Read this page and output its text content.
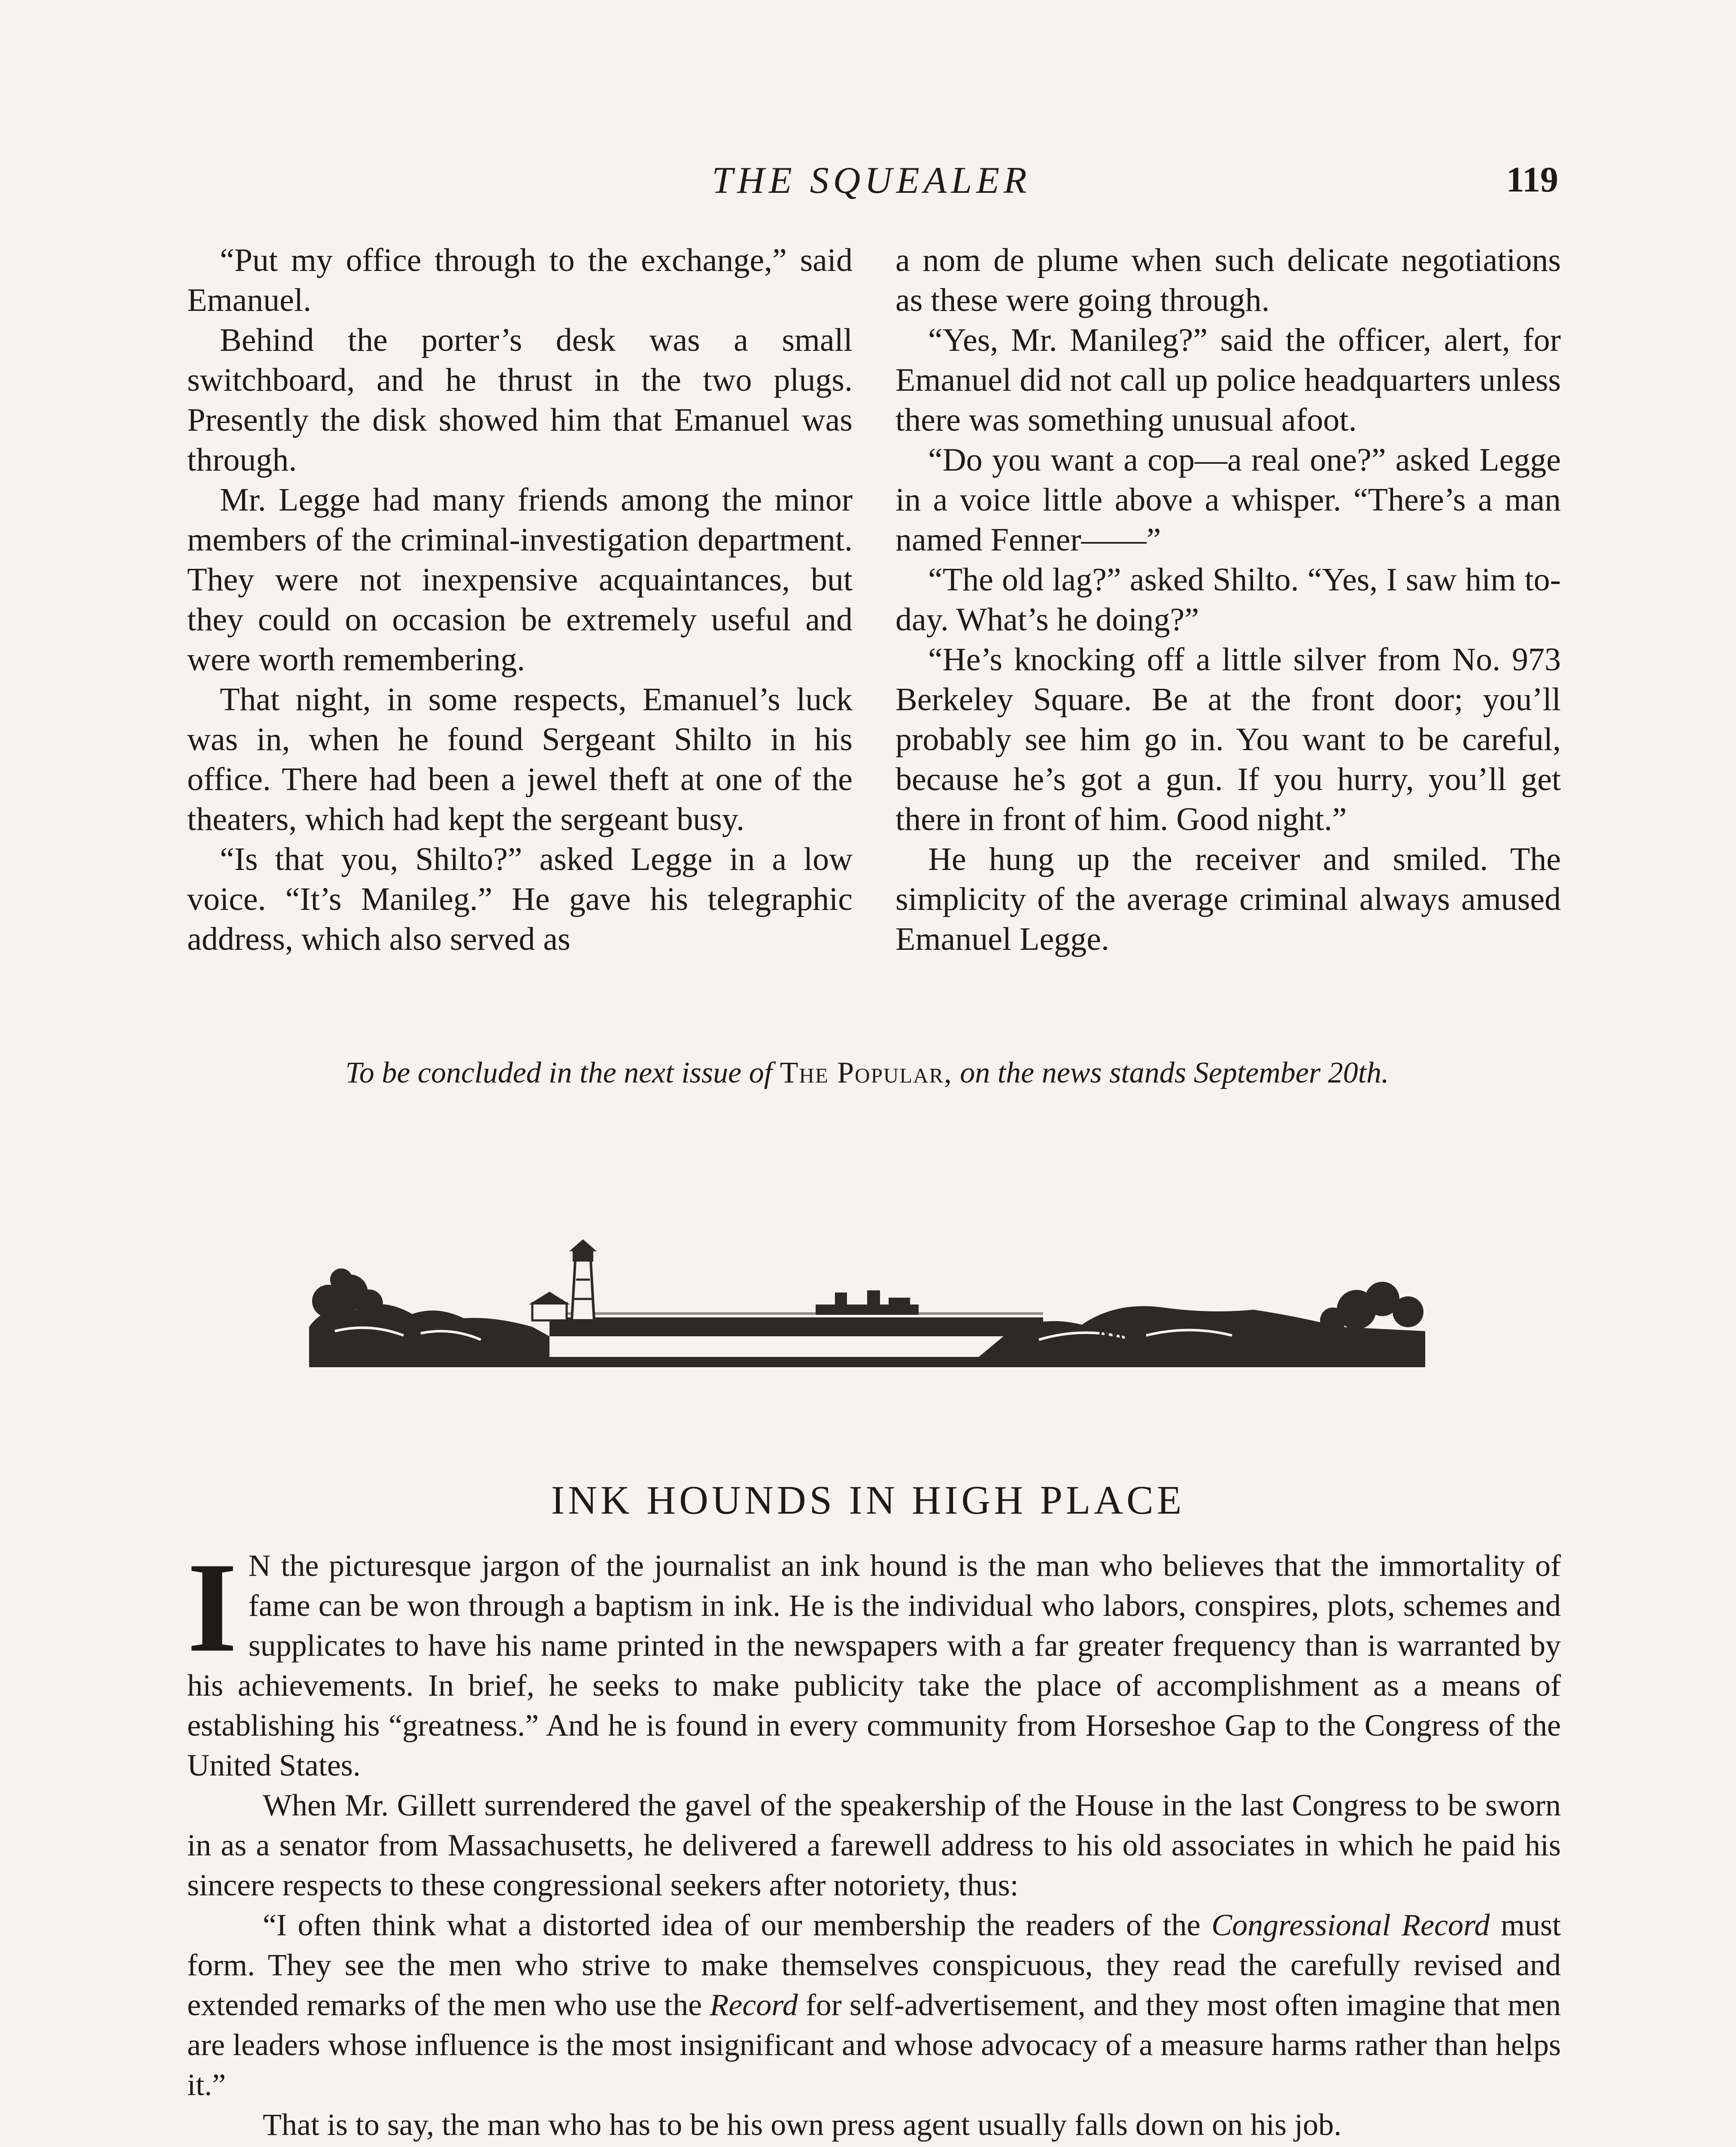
THE SQUEALER	119

“Put my office through to the exchange,” said Emanuel.

Behind the porter’s desk was a small switchboard, and he thrust in the two plugs. Presently the disk showed him that Emanuel was through.

Mr. Legge had many friends among the minor members of the criminal-investigation department. They were not inexpensive acquaintances, but they could on occasion be extremely useful and were worth remembering.

That night, in some respects, Emanuel’s luck was in, when he found Sergeant Shilto in his office. There had been a jewel theft at one of the theaters, which had kept the sergeant busy.

“Is that you, Shilto?” asked Legge in a low voice. “It’s Manileg.” He gave his telegraphic address, which also served as

a nom de plume when such delicate negotiations as these were going through.

“Yes, Mr. Manileg?” said the officer, alert, for Emanuel did not call up police headquarters unless there was something unusual afoot.

“Do you want a cop—a real one?” asked Legge in a voice little above a whisper. “There’s a man named Fenner——”

“The old lag?” asked Shilto. “Yes, I saw him to-day. What’s he doing?”

“He’s knocking off a little silver from No. 973 Berkeley Square. Be at the front door; you’ll probably see him go in. You want to be careful, because he’s got a gun. If you hurry, you’ll get there in front of him. Good night.”

He hung up the receiver and smiled. The simplicity of the average criminal always amused Emanuel Legge.

To be concluded in the next issue of The Popular, on the news stands September 20th.
INK HOUNDS IN HIGH PLACE

I N the picturesque jargon of the journalist an ink hound is the man who believes that the immortality of fame can be won through a baptism in ink. He is the individual who labors, conspires, plots, schemes and supplicates to have his name printed in the newspapers with a far greater frequency than is warranted by his achievements. In brief, he seeks to make publicity take the place of accomplishment as a means of establishing his “greatness.” And he is found in every community from Horseshoe Gap to the Congress of the United States.

When Mr. Gillett surrendered the gavel of the speakership of the House in the last Congress to be sworn in as a senator from Massachusetts, he delivered a farewell address to his old associates in which he paid his sincere respects to these congressional seekers after notoriety, thus:

“I often think what a distorted idea of our membership the readers of the Congressional Record must form. They see the men who strive to make themselves conspicuous, they read the carefully revised and extended remarks of the men who use the Record for self-advertisement, and they most often imagine that men are leaders whose influence is the most insignificant and whose advocacy of a measure harms rather than helps it.”

That is to say, the man who has to be his own press agent usually falls down on his job.
